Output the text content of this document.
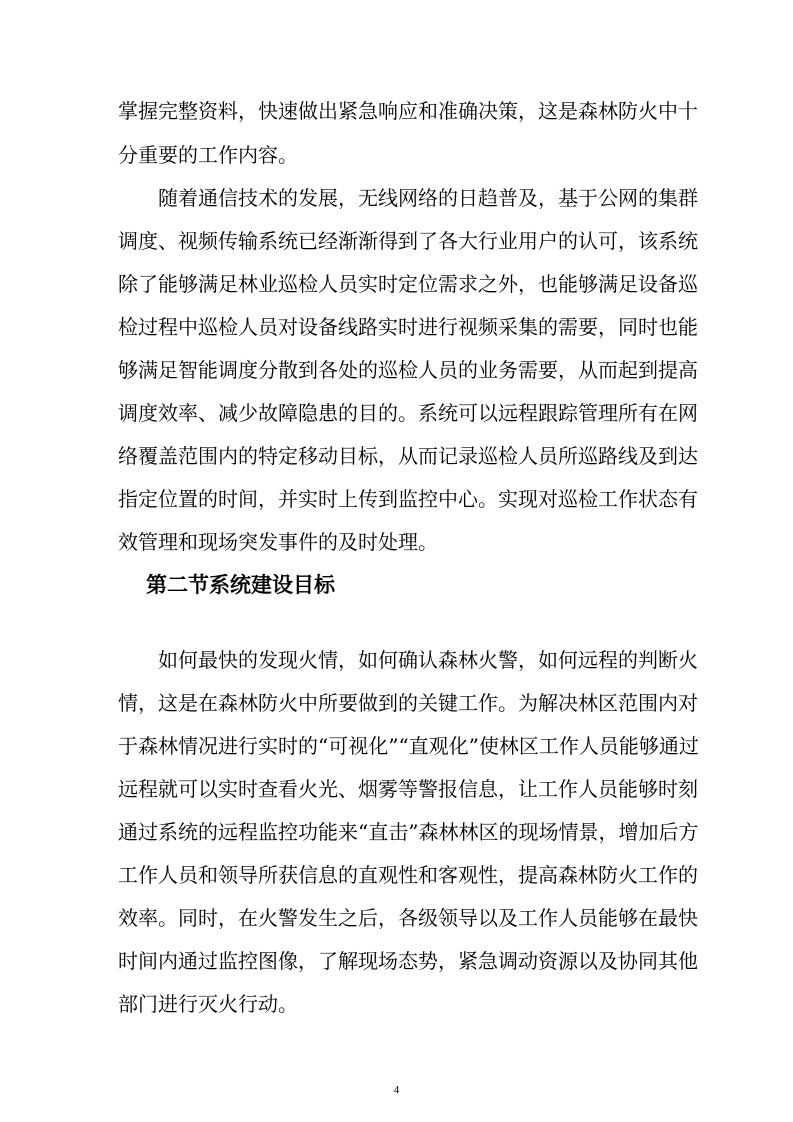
掌握完整资料，快速做出紧急响应和准确决策，这是森林防火中十
分重要的工作内容。
随着通信技术的发展，无线网络的日趋普及，基于公网的集群
调度、视频传输系统已经渐渐得到了各大行业用户的认可，该系统
除了能够满足林业巡检人员实时定位需求之外，也能够满足设备巡
检过程中巡检人员对设备线路实时进行视频采集的需要，同时也能
够满足智能调度分散到各处的巡检人员的业务需要，从而起到提高
调度效率、减少故障隐患的目的。系统可以远程跟踪管理所有在网
络覆盖范围内的特定移动目标，从而记录巡检人员所巡路线及到达
指定位置的时间，并实时上传到监控中心。实现对巡检工作状态有
效管理和现场突发事件的及时处理。
第二节系统建设目标
如何最快的发现火情，如何确认森林火警，如何远程的判断火
情，这是在森林防火中所要做到的关键工作。为解决林区范围内对
于森林情况进行实时的“可视化”“直观化”使林区工作人员能够通过
远程就可以实时查看火光、烟雾等警报信息，让工作人员能够时刻
通过系统的远程监控功能来“直击”森林林区的现场情景，增加后方
工作人员和领导所获信息的直观性和客观性，提高森林防火工作的
效率。同时，在火警发生之后，各级领导以及工作人员能够在最快
时间内通过监控图像，了解现场态势，紧急调动资源以及协同其他
部门进行灭火行动。
4
